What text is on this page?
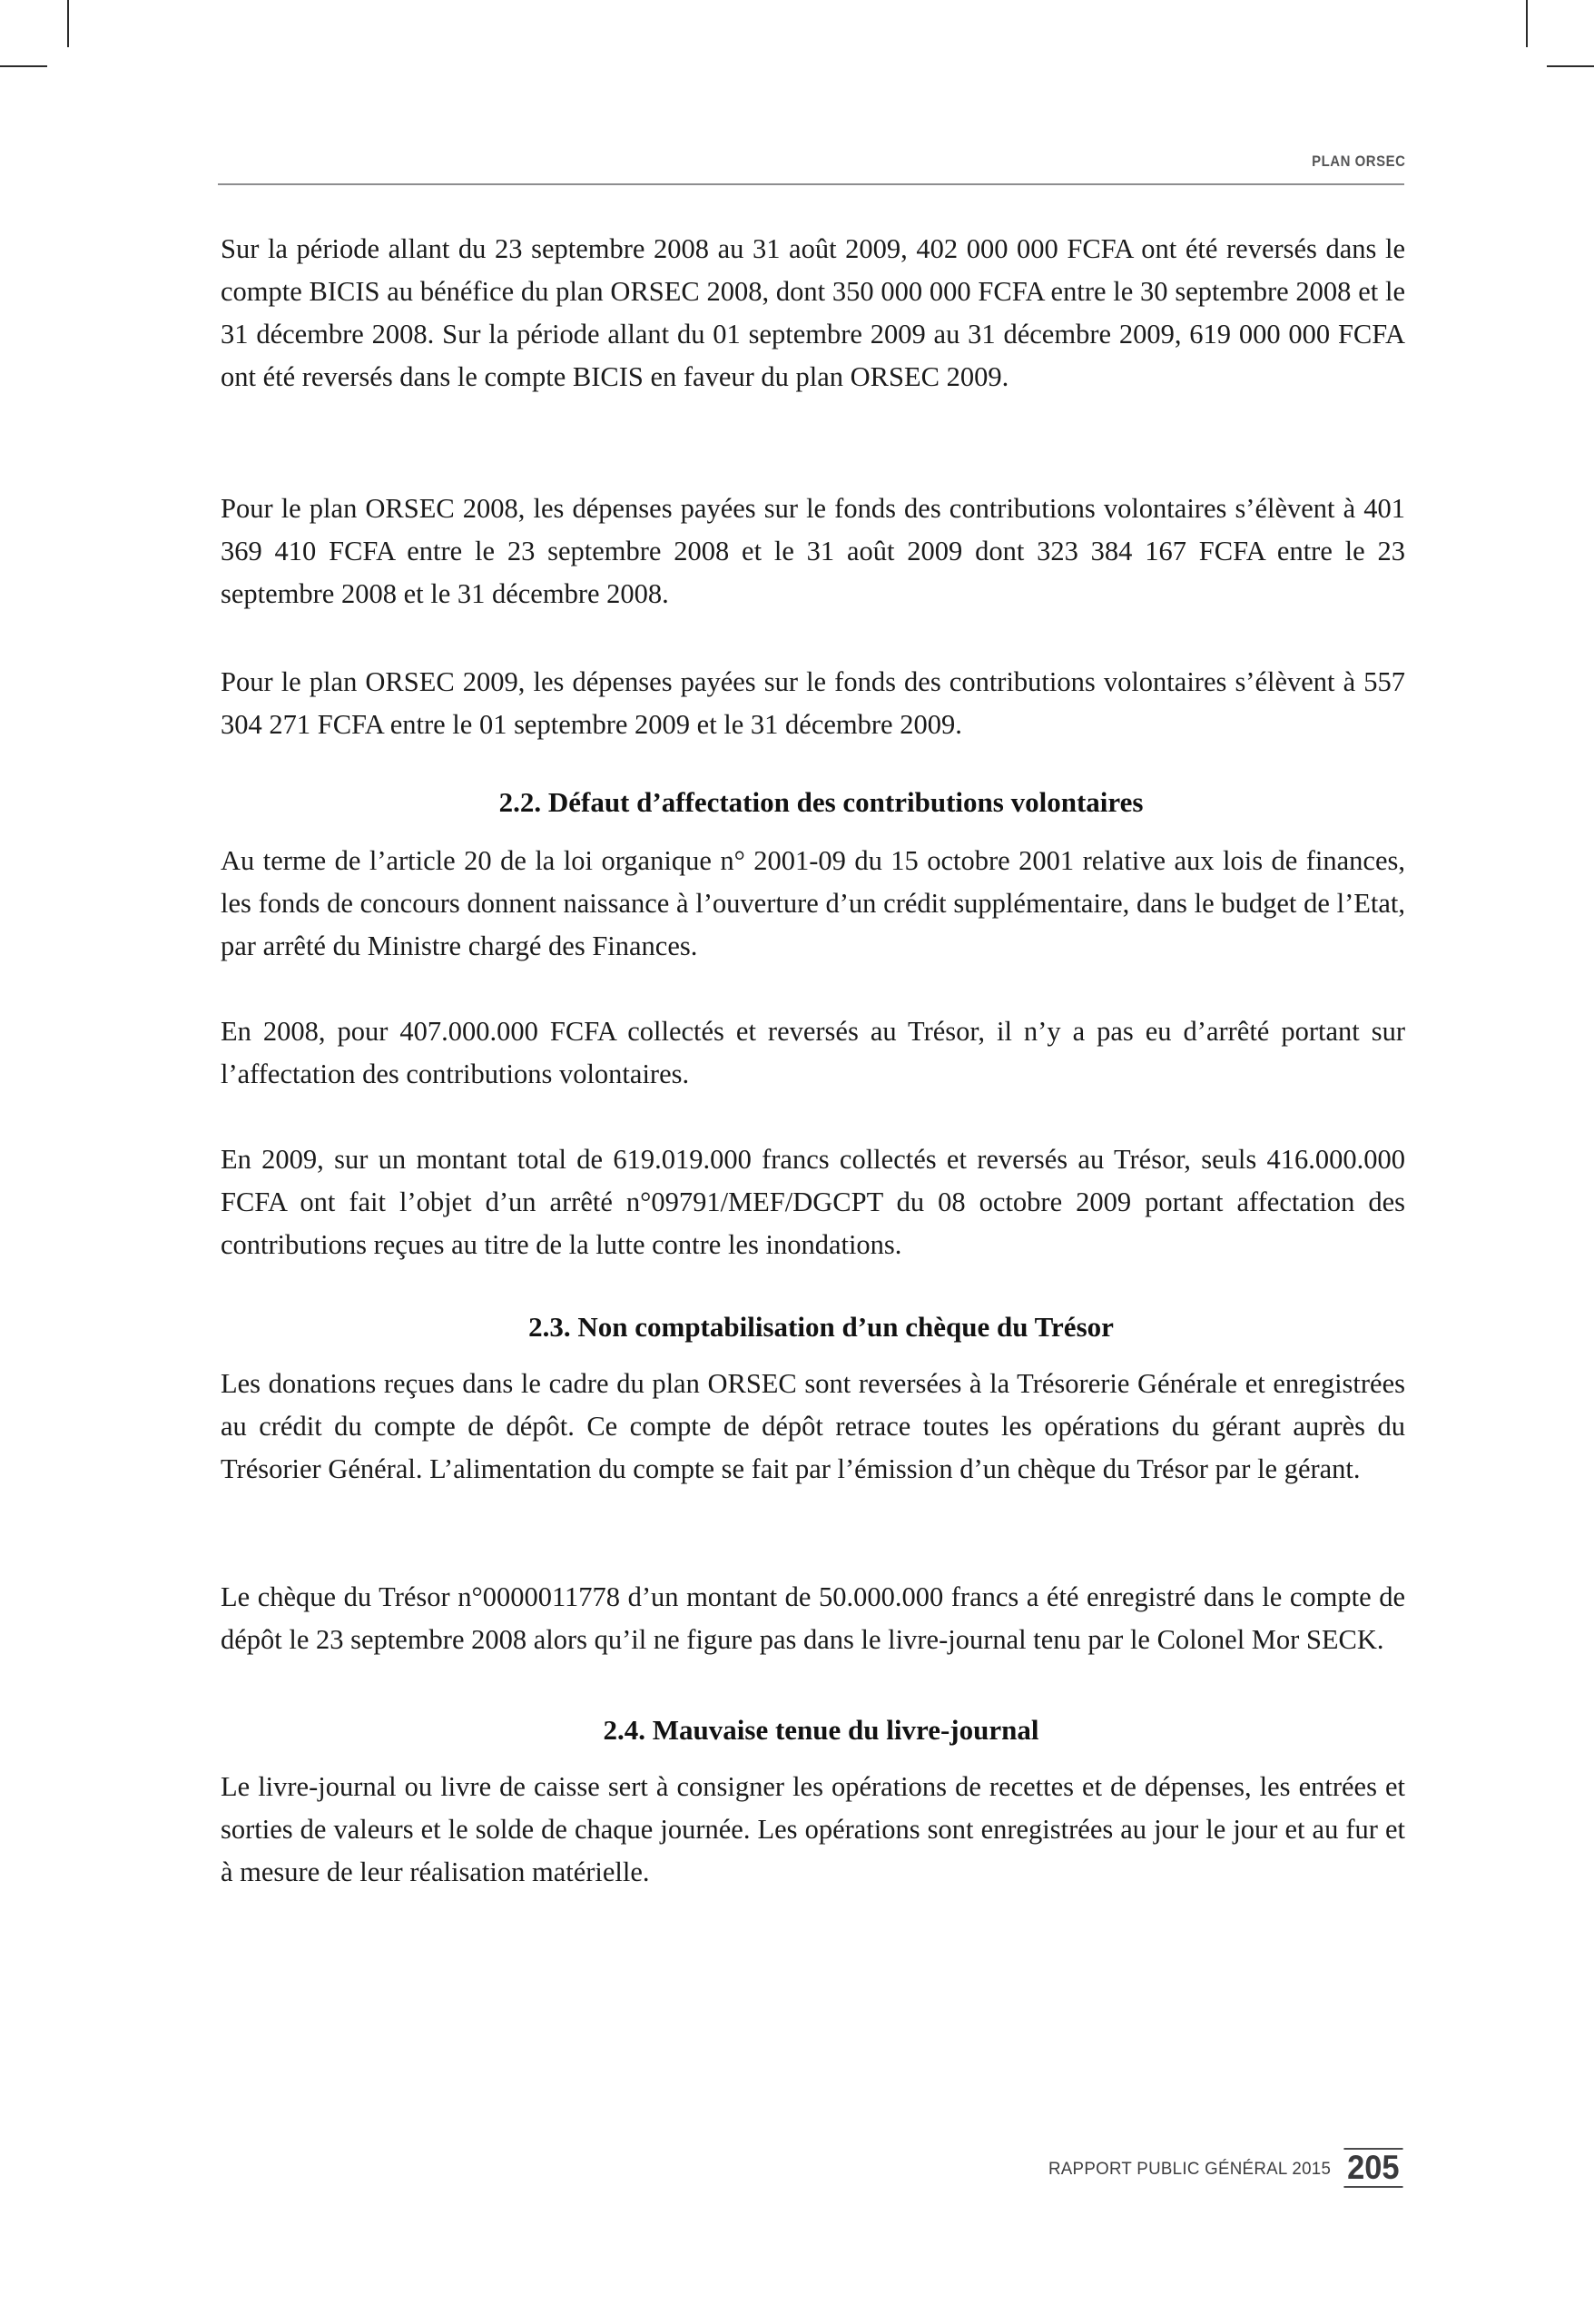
PLAN ORSEC

Sur la période allant du 23 septembre 2008 au 31 août 2009, 402 000 000 FCFA ont été reversés dans le compte BICIS au bénéfice du plan ORSEC 2008, dont 350 000 000 FCFA entre le 30 septembre 2008 et le 31 décembre 2008. Sur la période allant du 01 septembre 2009 au 31 décembre 2009, 619 000 000 FCFA ont été reversés dans le compte BICIS en faveur du plan ORSEC 2009.

Pour le plan ORSEC 2008, les dépenses payées sur le fonds des contributions volontaires s’élèvent à 401 369 410 FCFA entre le 23 septembre 2008 et le 31 août 2009 dont 323 384 167 FCFA entre le 23 septembre 2008 et le 31 décembre 2008.

Pour le plan ORSEC 2009, les dépenses payées sur le fonds des contributions volontaires s’élèvent à 557 304 271 FCFA entre le 01 septembre 2009 et le 31 décembre 2009.

2.2. Défaut d’affectation des contributions volontaires

Au terme de l’article 20 de la loi organique n° 2001-09 du 15 octobre 2001 relative aux lois de finances, les fonds de concours donnent naissance à l’ouverture d’un crédit supplémentaire, dans le budget de l’Etat, par arrêté du Ministre chargé des Finances.

En 2008, pour 407.000.000 FCFA collectés et reversés au Trésor, il n’y a pas eu d’arrêté portant sur l’affectation des contributions volontaires.

En 2009, sur un montant total de 619.019.000 francs collectés et reversés au Trésor, seuls 416.000.000 FCFA ont fait l’objet d’un arrêté n°09791/MEF/DGCPT du 08 octobre 2009 portant affectation des contributions reçues au titre de la lutte contre les inondations.

2.3. Non comptabilisation d’un chèque du Trésor

Les donations reçues dans le cadre du plan ORSEC sont reversées à la Trésorerie Générale et enregistrées au crédit du compte de dépôt. Ce compte de dépôt retrace toutes les opérations du gérant auprès du Trésorier Général. L’alimentation du compte se fait par l’émission d’un chèque du Trésor par le gérant.

Le chèque du Trésor n°0000011778 d’un montant de 50.000.000 francs a été enregistré dans le compte de dépôt le 23 septembre 2008 alors qu’il ne figure pas dans le livre-journal tenu par le Colonel Mor SECK.

2.4. Mauvaise tenue du livre-journal

Le livre-journal ou livre de caisse sert à consigner les opérations de recettes et de dépenses, les entrées et sorties de valeurs et le solde de chaque journée. Les opérations sont enregistrées au jour le jour et au fur et à mesure de leur réalisation matérielle.

RAPPORT PUBLIC GÉNÉRAL 2015 205
